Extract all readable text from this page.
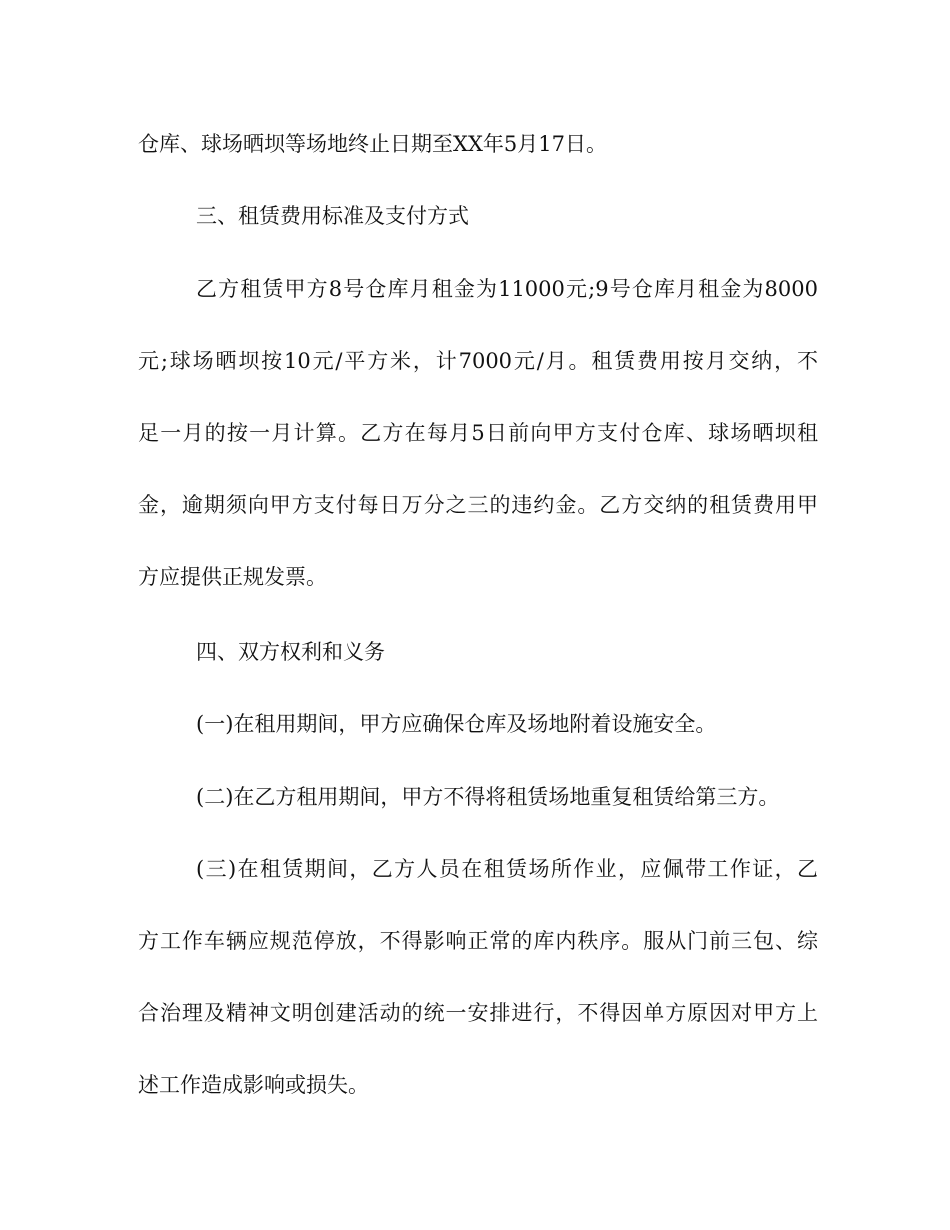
仓库、球场晒坝等场地终止日期至XX年5月17日。
三、租赁费用标准及支付方式
乙方租赁甲方8号仓库月租金为11000元;9号仓库月租金为8000
元;球场晒坝按10元/平方米，计7000元/月。租赁费用按月交纳，不
足一月的按一月计算。乙方在每月5日前向甲方支付仓库、球场晒坝租
金，逾期须向甲方支付每日万分之三的违约金。乙方交纳的租赁费用甲
方应提供正规发票。
四、双方权利和义务
(一)在租用期间，甲方应确保仓库及场地附着设施安全。
(二)在乙方租用期间，甲方不得将租赁场地重复租赁给第三方。
(三)在租赁期间，乙方人员在租赁场所作业，应佩带工作证，乙
方工作车辆应规范停放，不得影响正常的库内秩序。服从门前三包、综
合治理及精神文明创建活动的统一安排进行，不得因单方原因对甲方上
述工作造成影响或损失。
